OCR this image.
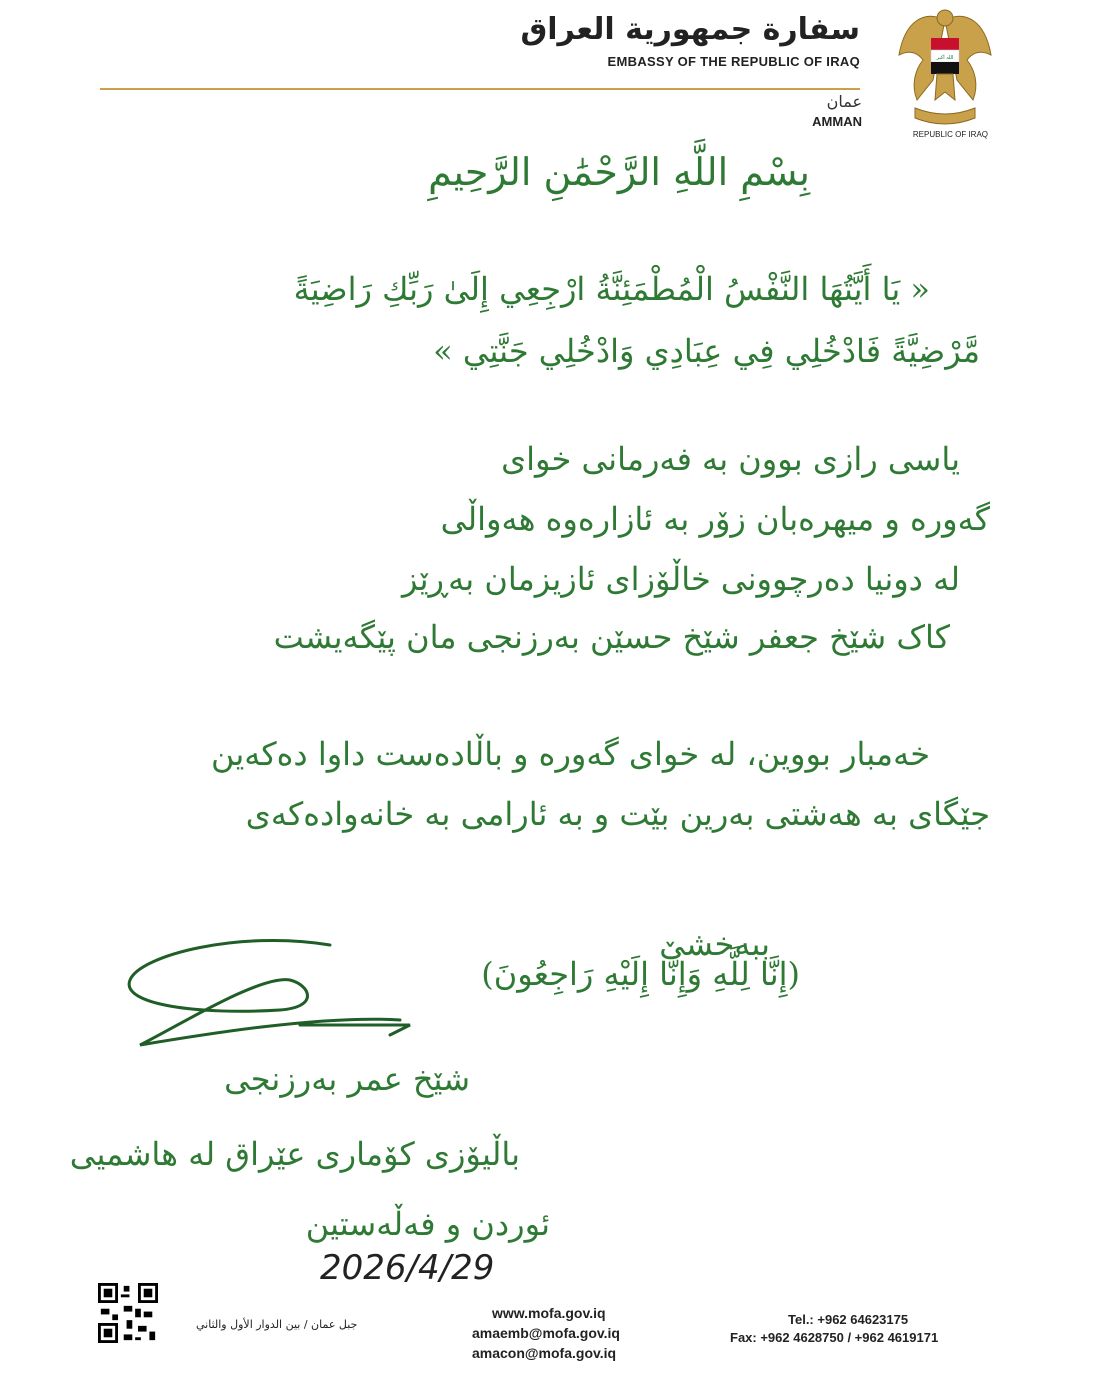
سفارة جمهورية العراق
EMBASSY OF THE REPUBLIC OF IRAQ
عمان
AMMAN
الله أكبر
REPUBLIC OF IRAQ
بِسْمِ اللَّهِ الرَّحْمَٰنِ الرَّحِيمِ
« يَا أَيَّتُهَا النَّفْسُ الْمُطْمَئِنَّةُ ارْجِعِي إِلَىٰ رَبِّكِ رَاضِيَةً
مَّرْضِيَّةً فَادْخُلِي فِي عِبَادِي وَادْخُلِي جَنَّتِي »
یاسی رازی بوون بە فەرمانی خوای
گەورە و میهرەبان زۆر بە ئازارەوە هەواڵی
لە دونیا دەرچوونی خاڵۆزای ئازیزمان بەڕێز
کاک شێخ جعفر شێخ حسێن بەرزنجی مان پێگەیشت
خەمبار بووین، لە خوای گەورە و باڵادەست داوا دەکەین
جێگای بە هەشتی بەرین بێت و بە ئارامی بە خانەوادەکەی
ببەخشێ
(إِنَّا لِلَّهِ وَإِنَّا إِلَيْهِ رَاجِعُونَ)
شێخ عمر بەرزنجی
باڵیۆزی کۆماری عێراق لە هاشمیی
ئوردن و فەڵەستین
2026/4/29
جبل عمان / بين الدوار الأول والثاني
www.mofa.gov.iq
amaemb@mofa.gov.iq
amacon@mofa.gov.iq
Tel.: +962 64623175
Fax: +962 4628750 / +962 4619171
